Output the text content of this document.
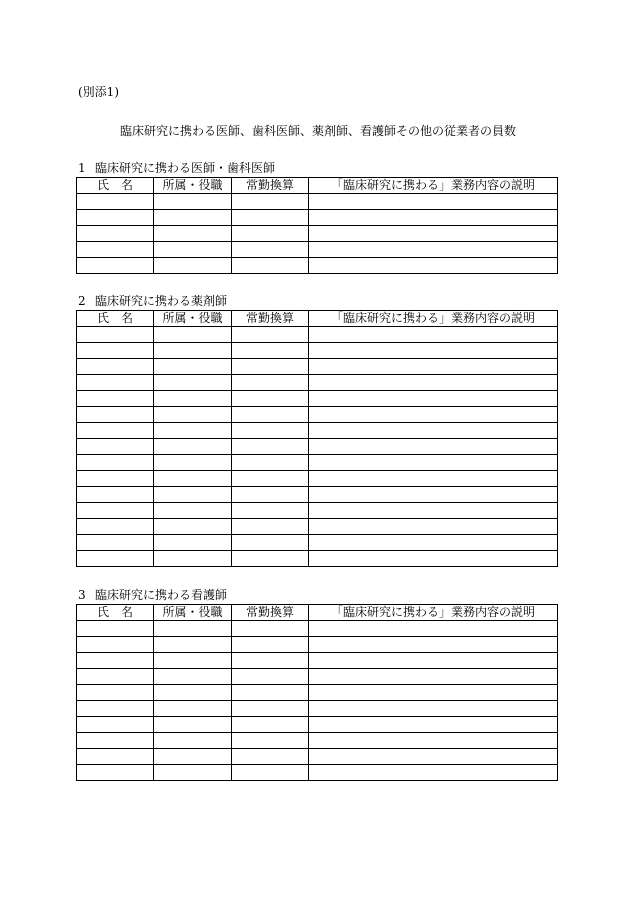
(別添1)
臨床研究に携わる医師、歯科医師、薬剤師、看護師その他の従業者の員数
1 臨床研究に携わる医師・歯科医師
氏　名	所属・役職	常勤換算	「臨床研究に携わる」業務内容の説明

2 臨床研究に携わる薬剤師
氏　名	所属・役職	常勤換算	「臨床研究に携わる」業務内容の説明

3 臨床研究に携わる看護師
氏　名	所属・役職	常勤換算	「臨床研究に携わる」業務内容の説明
